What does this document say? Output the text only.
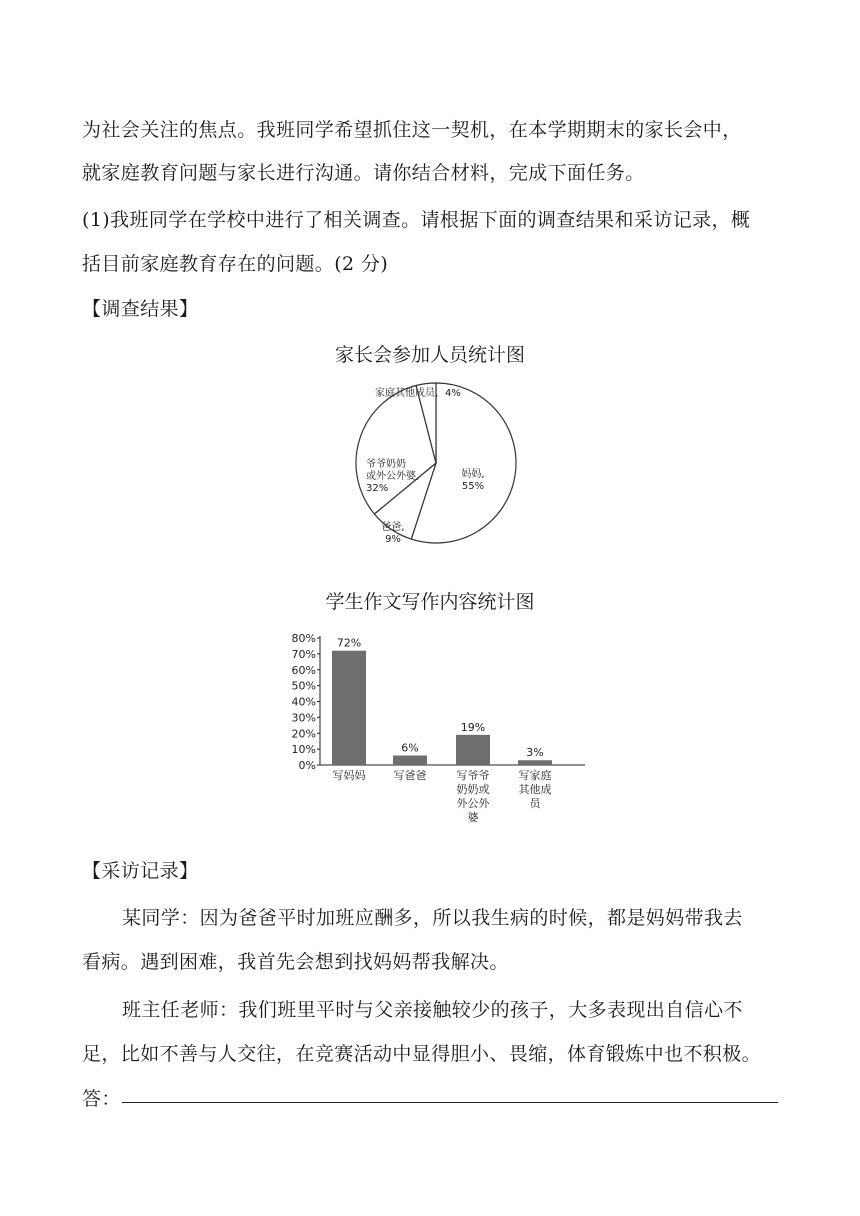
为社会关注的焦点。我班同学希望抓住这一契机，在本学期期末的家长会中，
就家庭教育问题与家长进行沟通。请你结合材料，完成下面任务。
(1)我班同学在学校中进行了相关调查。请根据下面的调查结果和采访记录，概
括目前家庭教育存在的问题。(2 分)
【调查结果】
家长会参加人员统计图
妈妈, 55%
爸爸, 9%
爷爷奶奶或外公外婆, 32%
家庭其他成员，4%
学生作文写作内容统计图
0%
10%
20%
30%
40%
50%
60%
70%
80% 72%
写妈妈
6%
写爸爸
19%
写爷爷奶奶或外公外婆
3%
写家庭其他成员
【采访记录】
某同学：因为爸爸平时加班应酬多，所以我生病的时候，都是妈妈带我去
看病。遇到困难，我首先会想到找妈妈帮我解决。
班主任老师：我们班里平时与父亲接触较少的孩子，大多表现出自信心不
足，比如不善与人交往，在竞赛活动中显得胆小、畏缩，体育锻炼中也不积极。
答：
